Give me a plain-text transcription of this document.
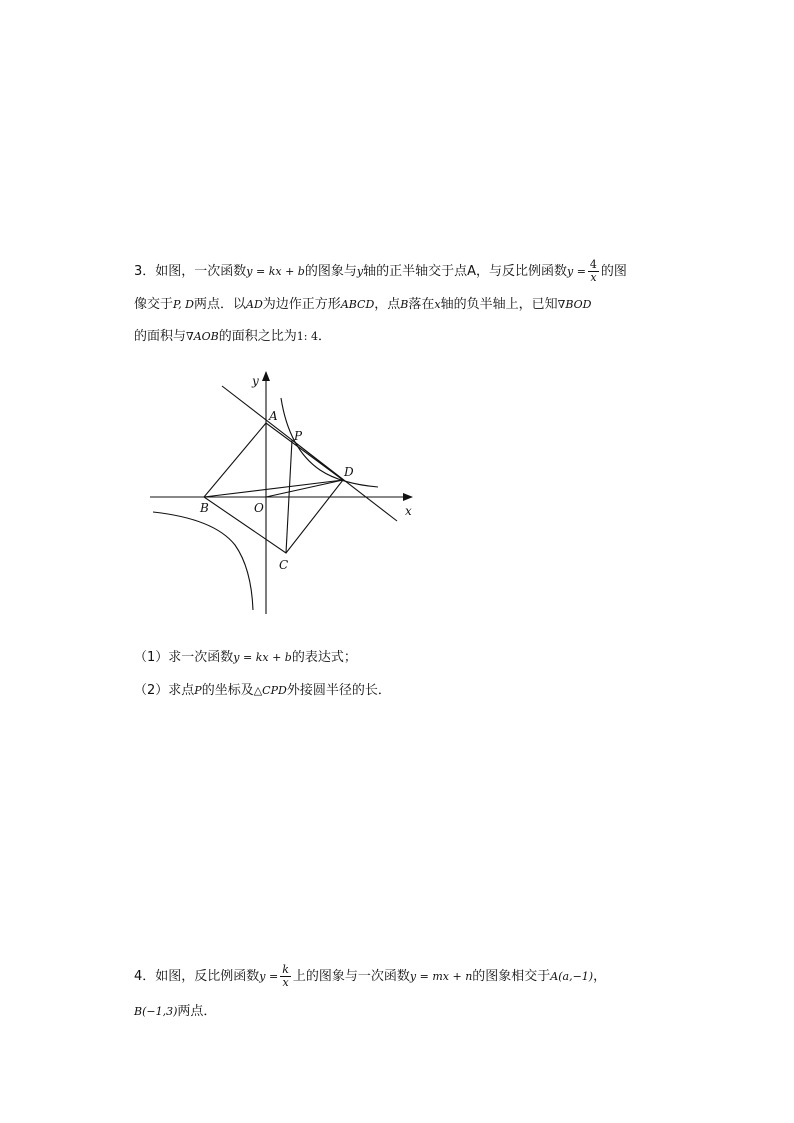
3．如图，一次函数y = kx + b的图象与y轴的正半轴交于点A，与反比例函数$y = \frac{4}{x}$ 的图
像交于P, D两点．以AD为边作正方形ABCD，点B落在x轴的负半轴上，已知∇BOD
的面积与∇AOB的面积之比为1: 4．
y
x
A
P
D
B	O
C
（1）求一次函数y = kx + b的表达式；
（2）求点P的坐标及△CPD外接圆半径的长．
4．如图，反比例函数$y = \frac{k}{x}$ 上的图象与一次函数y = mx + n的图象相交于A(a,−1)，
B(−1,3)两点．
